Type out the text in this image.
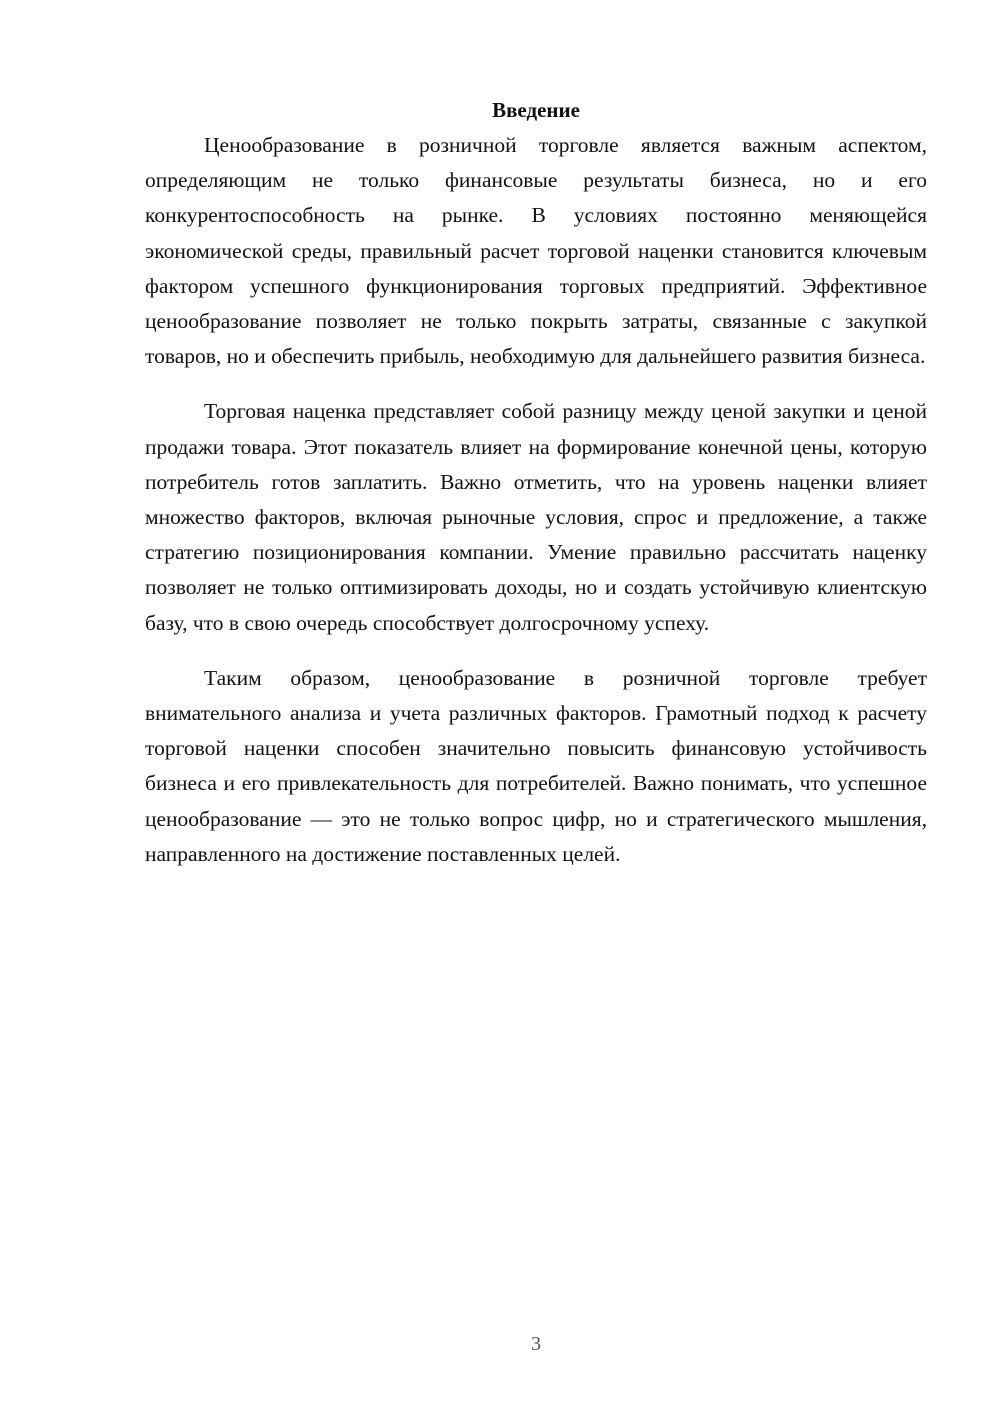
Введение

Ценообразование в розничной торговле является важным аспектом, определяющим не только финансовые результаты бизнеса, но и его конкурентоспособность на рынке. В условиях постоянно меняющейся экономической среды, правильный расчет торговой наценки становится ключевым фактором успешного функционирования торговых предприятий. Эффективное ценообразование позволяет не только покрыть затраты, связанные с закупкой товаров, но и обеспечить прибыль, необходимую для дальнейшего развития бизнеса.

Торговая наценка представляет собой разницу между ценой закупки и ценой продажи товара. Этот показатель влияет на формирование конечной цены, которую потребитель готов заплатить. Важно отметить, что на уровень наценки влияет множество факторов, включая рыночные условия, спрос и предложение, а также стратегию позиционирования компании. Умение правильно рассчитать наценку позволяет не только оптимизировать доходы, но и создать устойчивую клиентскую базу, что в свою очередь способствует долгосрочному успеху.

Таким образом, ценообразование в розничной торговле требует внимательного анализа и учета различных факторов. Грамотный подход к расчету торговой наценки способен значительно повысить финансовую устойчивость бизнеса и его привлекательность для потребителей. Важно понимать, что успешное ценообразование — это не только вопрос цифр, но и стратегического мышления, направленного на достижение поставленных целей.

3
